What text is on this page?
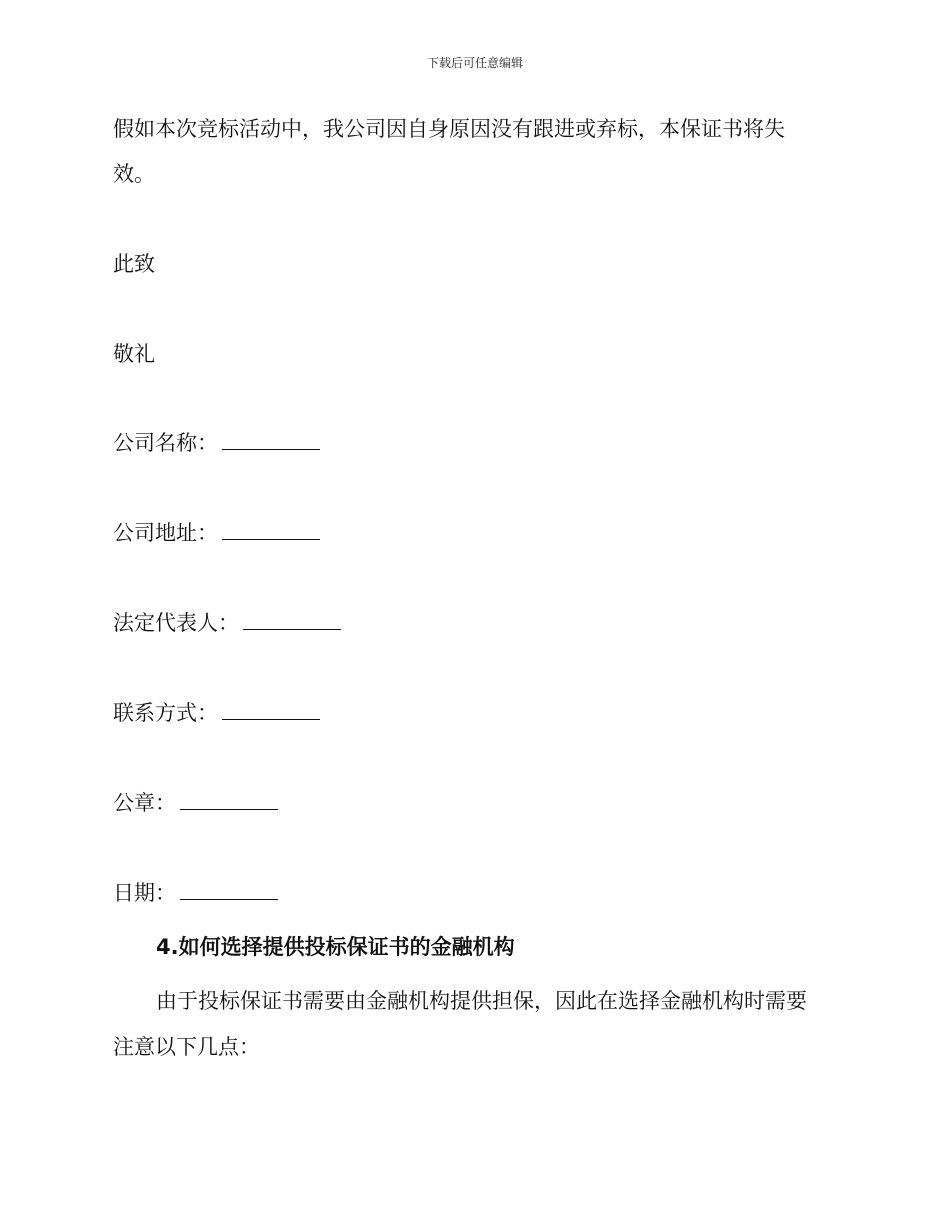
下载后可任意编辑
假如本次竞标活动中，我公司因自身原因没有跟进或弃标，本保证书将失
效。
此致
敬礼
公司名称：
公司地址：
法定代表人：
联系方式：
公章：
日期：
4.如何选择提供投标保证书的金融机构
由于投标保证书需要由金融机构提供担保，因此在选择金融机构时需要
注意以下几点：
